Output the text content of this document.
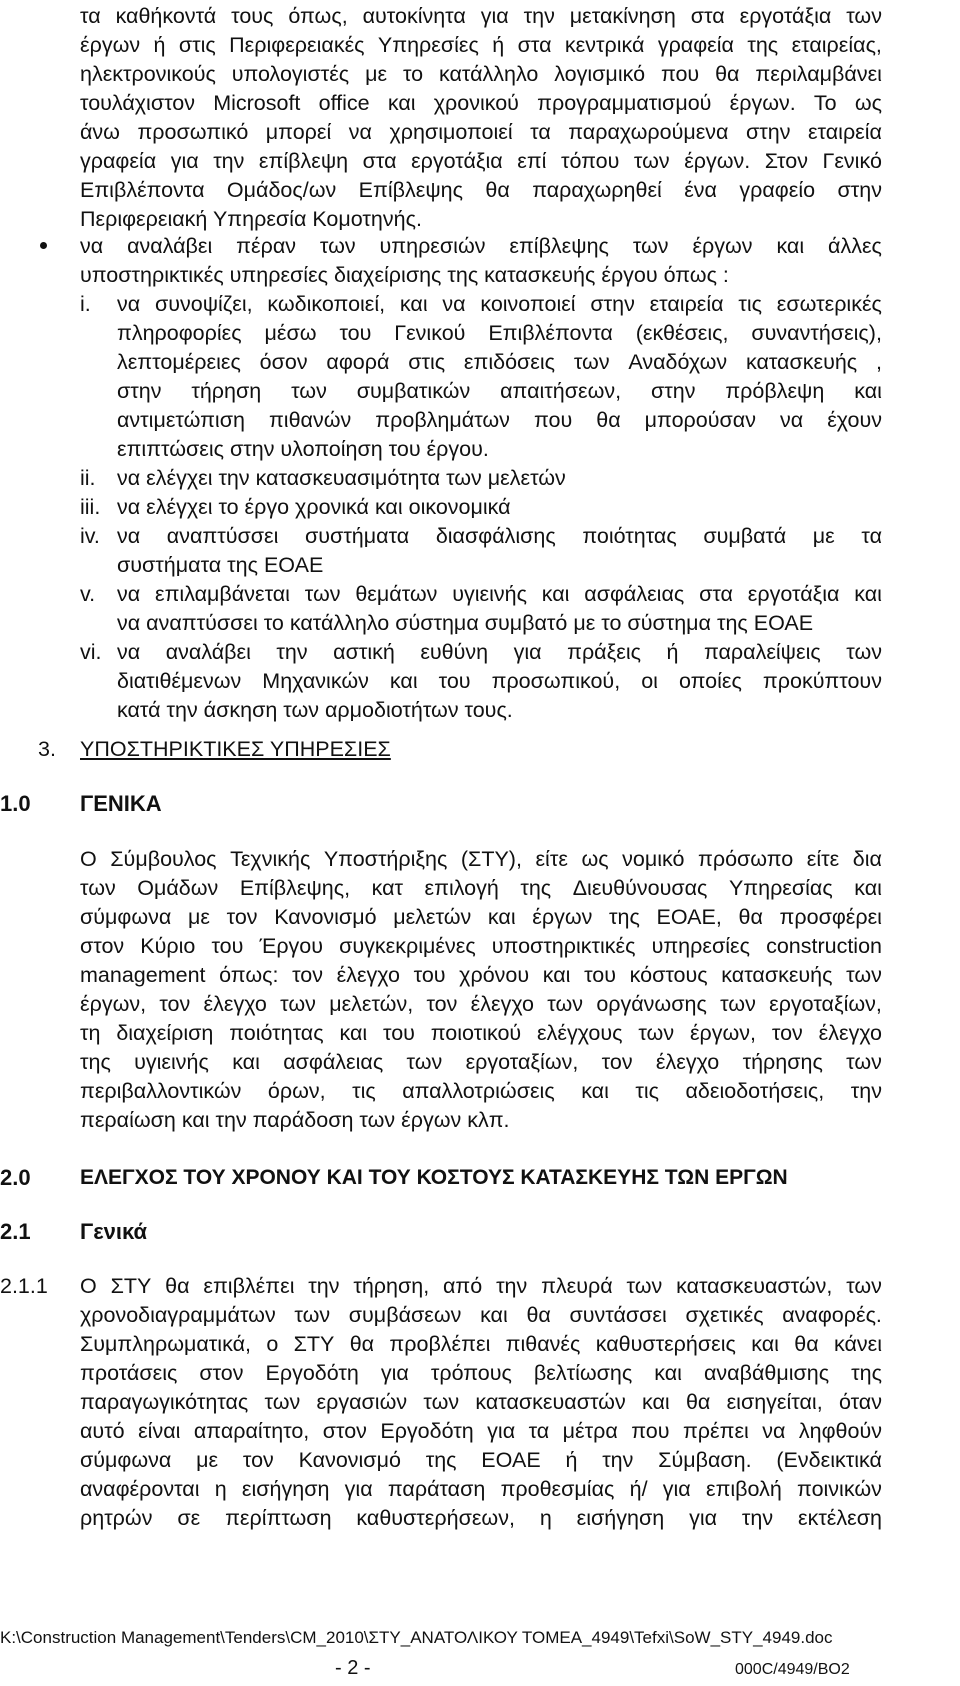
τα καθήκοντά τους όπως, αυτοκίνητα για την μετακίνηση στα εργοτάξια των
έργων ή στις Περιφερειακές Υπηρεσίες ή στα κεντρικά γραφεία της εταιρείας,
ηλεκτρονικούς υπολογιστές με το κατάλληλο λογισμικό που θα περιλαμβάνει
τουλάχιστον Microsoft office και χρονικού προγραμματισμού έργων. Το ως
άνω προσωπικό μπορεί να χρησιμοποιεί τα παραχωρούμενα στην εταιρεία
γραφεία για την επίβλεψη στα εργοτάξια επί τόπου των έργων. Στον Γενικό
Επιβλέποντα Ομάδος/ων Επίβλεψης θα παραχωρηθεί ένα γραφείο στην
Περιφερειακή Υπηρεσία Κομοτηνής.
να αναλάβει πέραν των υπηρεσιών επίβλεψης των έργων και άλλες
υποστηρικτικές υπηρεσίες διαχείρισης της κατασκευής έργου όπως :
i. να συνοψίζει, κωδικοποιεί, και να κοινοποιεί στην εταιρεία τις εσωτερικές
πληροφορίες μέσω του Γενικού Επιβλέποντα (εκθέσεις, συναντήσεις),
λεπτομέρειες όσον αφορά στις επιδόσεις των Αναδόχων κατασκευής ,
στην τήρηση των συμβατικών απαιτήσεων, στην πρόβλεψη και
αντιμετώπιση πιθανών προβλημάτων που θα μπορούσαν να έχουν
επιπτώσεις στην υλοποίηση του έργου.
ii. να ελέγχει την κατασκευασιμότητα των μελετών
iii. να ελέγχει το έργο χρονικά και οικονομικά
iv. να αναπτύσσει συστήματα διασφάλισης ποιότητας συμβατά με τα
συστήματα της ΕΟΑΕ
v. να επιλαμβάνεται των θεμάτων υγιεινής και ασφάλειας στα εργοτάξια και
να αναπτύσσει το κατάλληλο σύστημα συμβατό με το σύστημα της ΕΟΑΕ
vi. να αναλάβει την αστική ευθύνη για πράξεις ή παραλείψεις των
διατιθέμενων Μηχανικών και του προσωπικού, οι οποίες προκύπτουν
κατά την άσκηση των αρμοδιοτήτων τους.
3. ΥΠΟΣΤΗΡΙΚΤΙΚΕΣ ΥΠΗΡΕΣΙΕΣ
1.0 ΓΕΝΙΚΑ
Ο Σύμβουλος Τεχνικής Υποστήριξης (ΣΤΥ), είτε ως νομικό πρόσωπο είτε δια
των Ομάδων Επίβλεψης, κατ επιλογή της Διευθύνουσας Υπηρεσίας και
σύμφωνα με τον Κανονισμό μελετών και έργων της ΕΟΑΕ, θα προσφέρει
στον Κύριο του Έργου συγκεκριμένες υποστηρικτικές υπηρεσίες construction
management όπως: τον έλεγχο του χρόνου και του κόστους κατασκευής των
έργων, τον έλεγχο των μελετών, τον έλεγχο των οργάνωσης των εργοταξίων,
τη διαχείριση ποιότητας και του ποιοτικού ελέγχους των έργων, τον έλεγχο
της υγιεινής και ασφάλειας των εργοταξίων, τον έλεγχο τήρησης των
περιβαλλοντικών όρων, τις απαλλοτριώσεις και τις αδειοδοτήσεις, την
περαίωση και την παράδοση των έργων κλπ.
2.0 ΕΛΕΓΧΟΣ ΤΟΥ ΧΡΟΝΟΥ ΚΑΙ ΤΟΥ ΚΟΣΤΟΥΣ ΚΑΤΑΣΚΕΥΗΣ ΤΩΝ ΕΡΓΩΝ
2.1 Γενικά
2.1.1 Ο ΣΤΥ θα επιβλέπει την τήρηση, από την πλευρά των κατασκευαστών, των
χρονοδιαγραμμάτων των συμβάσεων και θα συντάσσει σχετικές αναφορές.
Συμπληρωματικά, ο ΣΤΥ θα προβλέπει πιθανές καθυστερήσεις και θα κάνει
προτάσεις στον Εργοδότη για τρόπους βελτίωσης και αναβάθμισης της
παραγωγικότητας των εργασιών των κατασκευαστών και θα εισηγείται, όταν
αυτό είναι απαραίτητο, στον Εργοδότη για τα μέτρα που πρέπει να ληφθούν
σύμφωνα με τον Κανονισμό της ΕΟΑΕ ή την Σύμβαση. (Ενδεικτικά
αναφέρονται η εισήγηση για παράταση προθεσμίας ή/ για επιβολή ποινικών
ρητρών σε περίπτωση καθυστερήσεων, η εισήγηση για την εκτέλεση
K:\Construction Management\Tenders\CM_2010\ΣΤΥ_ΑΝΑΤΟΛΙΚΟΥ ΤΟΜΕΑ_4949\Tefxi\SoW_STY_4949.doc
- 2 -	000C/4949/BO2
